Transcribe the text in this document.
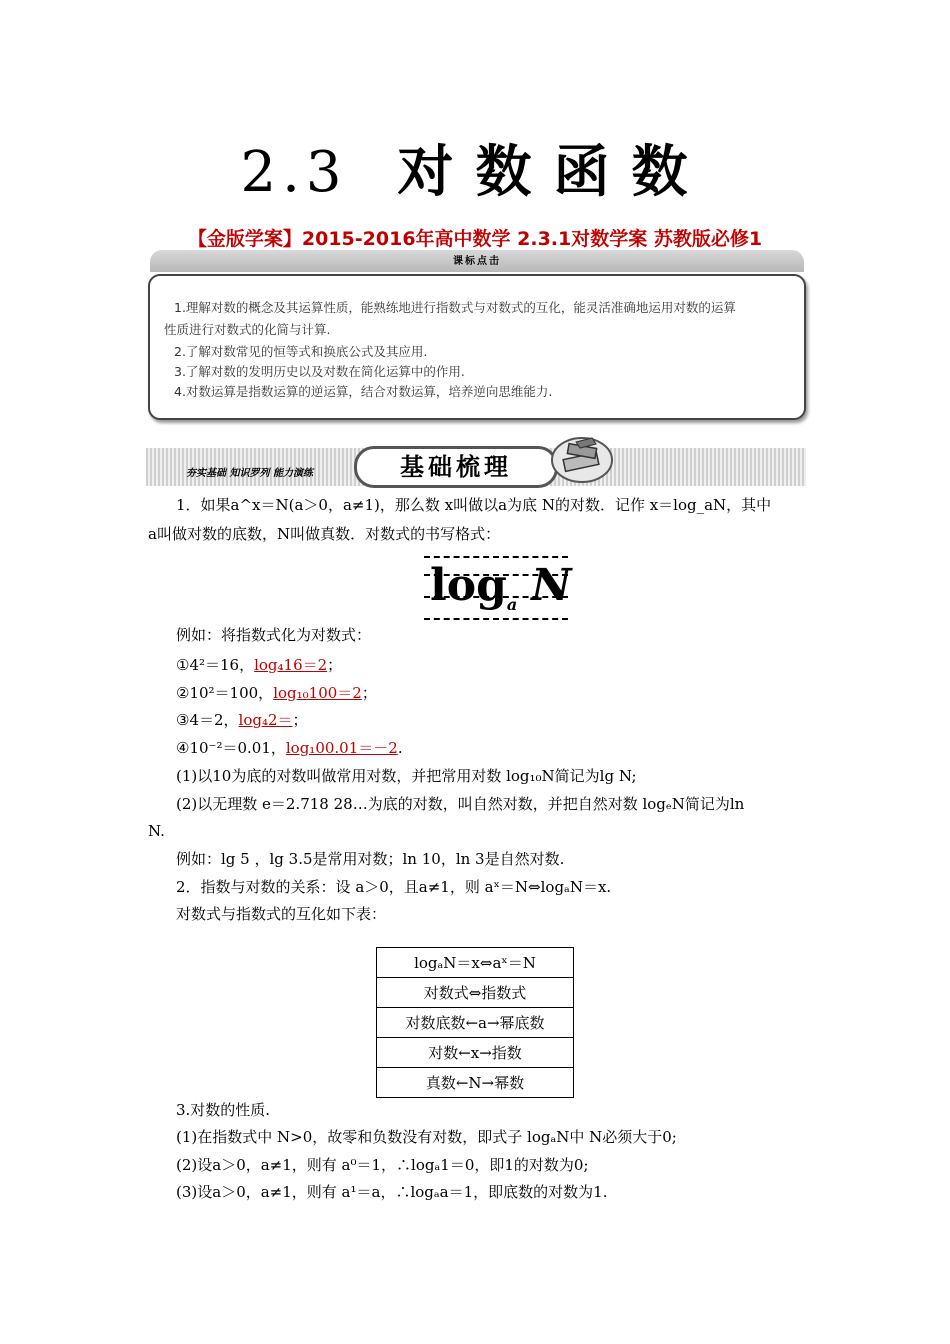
2.3 对数函数
【金版学案】2015-2016年高中数学 2.3.1对数学案 苏教版必修1
课标点击
1.理解对数的概念及其运算性质，能熟练地进行指数式与对数式的互化，能灵活准确地运用对数的运算
性质进行对数式的化简与计算.
2.了解对数常见的恒等式和换底公式及其应用.
3.了解对数的发明历史以及对数在简化运算中的作用.
4.对数运算是指数运算的逆运算，结合对数运算，培养逆向思维能力.
夯实基础 知识罗列 能力演练	基础梳理
1．如果a^x＝N(a＞0，a≠1)，那么数 x叫做以a为底 N的对数．记作 x＝log_aN，其中
a叫做对数的底数，N叫做真数．对数式的书写格式：
$\log_a N$
例如：将指数式化为对数式：
①4²＝16，log₄16＝2；
②10²＝100，log₁₀100＝2；
③4＝2，log₄2＝；
④10⁻²＝0.01，log₁00.01＝－2.
(1)以10为底的对数叫做常用对数，并把常用对数 log₁₀N简记为lg N;
(2)以无理数 e＝2.718 28…为底的对数，叫自然对数，并把自然对数 logₑN简记为ln
N.
例如：lg 5 ，lg 3.5是常用对数；ln 10，ln 3是自然对数.
2．指数与对数的关系：设 a＞0，且a≠1，则 aˣ＝N⇔logₐN＝x.
对数式与指数式的互化如下表：
logₐN＝x⇔aˣ＝N
对数式⇔指数式
对数底数←a→幂底数
对数←x→指数
真数←N→幂数
3.对数的性质.
(1)在指数式中 N>0，故零和负数没有对数，即式子 logₐN中 N必须大于0;
(2)设a＞0，a≠1，则有 a⁰＝1，∴logₐ1＝0，即1的对数为0;
(3)设a＞0，a≠1，则有 a¹＝a，∴logₐa＝1，即底数的对数为1.
